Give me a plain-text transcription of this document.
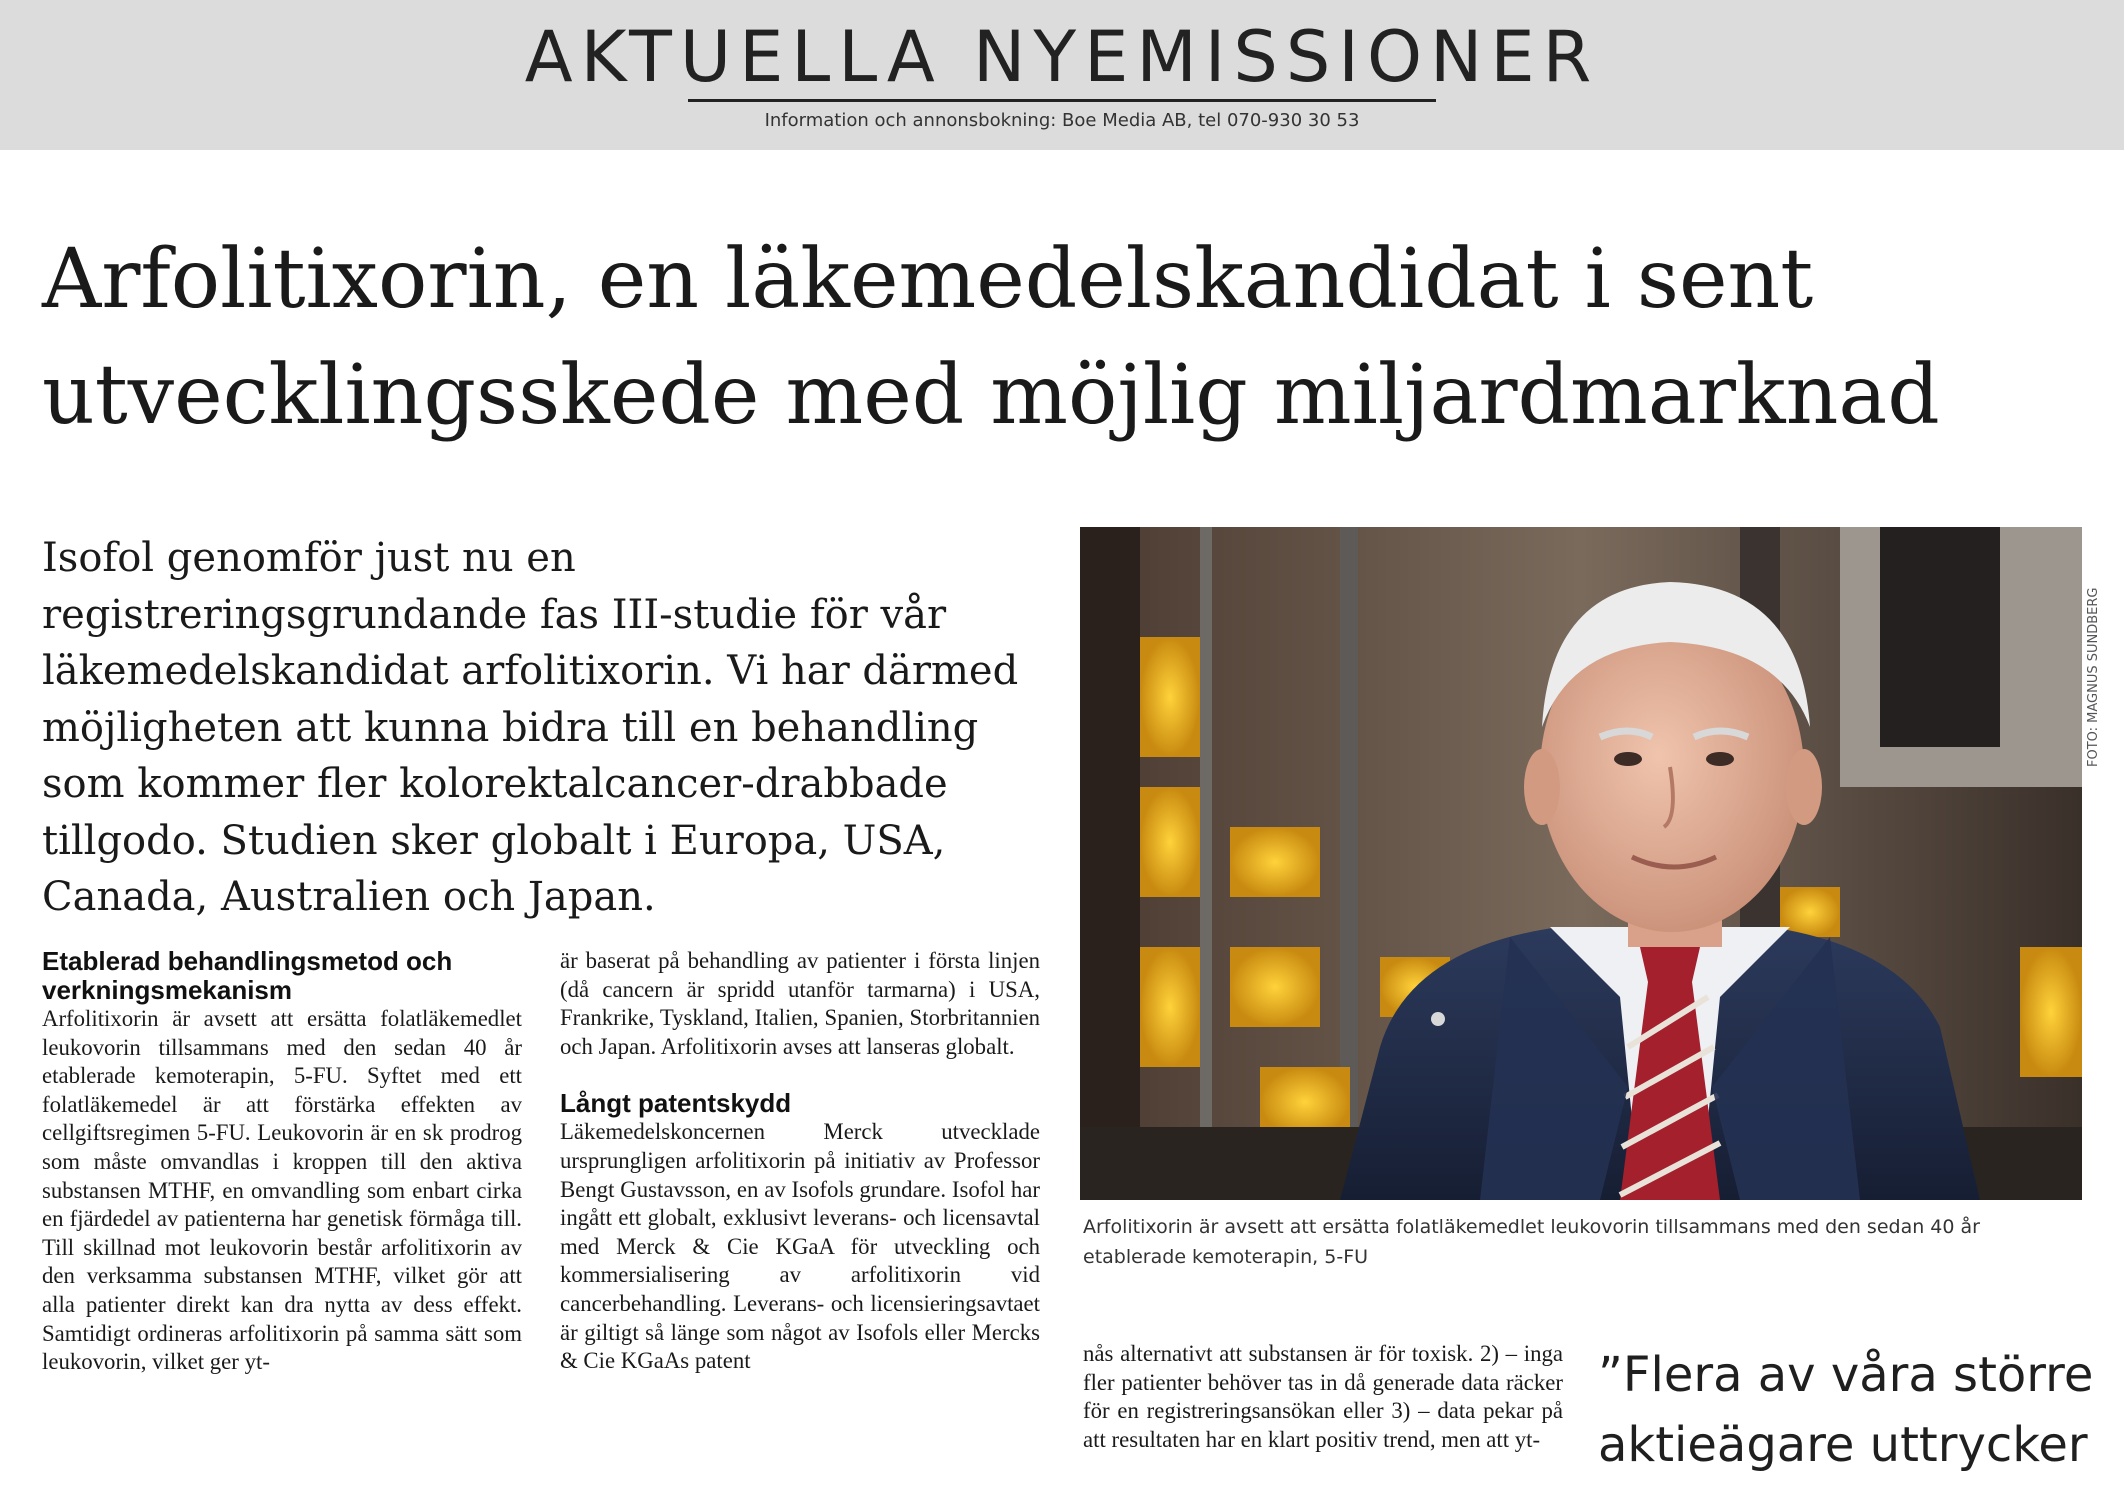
AKTUELLA NYEMISSIONER
Information och annonsbokning: Boe Media AB, tel 070-930 30 53
Arfolitixorin, en läkemedelskandidat i sent utvecklingsskede med möjlig miljardmarknad

Isofol genomför just nu en registreringsgrundande fas III-studie för vår läkemedelskandidat arfolitixorin. Vi har därmed möjligheten att kunna bidra till en behandling som kommer fler kolorektalcancer-drabbade tillgodo. Studien sker globalt i Europa, USA, Canada, Australien och Japan.

Etablerad behandlingsmetod och verkningsmekanism

Arfolitixorin är avsett att ersätta folatläkemedlet leukovorin tillsammans med den sedan 40 år etablerade kemoterapin, 5-FU. Syftet med ett folatläkemedel är att förstärka effekten av cellgiftsregimen 5-FU. Leukovorin är en sk prodrog som måste omvandlas i kroppen till den aktiva substansen MTHF, en omvandling som enbart cirka en fjärdedel av patienterna har genetisk förmåga till. Till skillnad mot leukovorin består arfolitixorin av den verksamma substansen MTHF, vilket gör att alla patienter direkt kan dra nytta av dess effekt. Samtidigt ordineras arfolitixorin på samma sätt som leukovorin, vilket ger yt-

är baserat på behandling av patienter i första linjen (då cancern är spridd utanför tarmarna) i USA, Frankrike, Tyskland, Italien, Spanien, Storbritannien och Japan. Arfolitixorin avses att lanseras globalt.

Långt patentskydd

Läkemedelskoncernen Merck utvecklade ursprungligen arfolitixorin på initiativ av Professor Bengt Gustavsson, en av Isofols grundare. Isofol har ingått ett globalt, exklusivt leverans- och licensavtal med Merck & Cie KGaA för utveckling och kommersialisering av arfolitixorin vid cancerbehandling. Leverans- och licensieringsavtaet är giltigt så länge som något av Isofols eller Mercks & Cie KGaAs patent

FOTO: MAGNUS SUNDBERG

Arfolitixorin är avsett att ersätta folatläkemedlet leukovorin tillsammans med den sedan 40 år etablerade kemoterapin, 5-FU

nås alternativt att substansen är för toxisk. 2) – inga fler patienter behöver tas in då generade data räcker för en registreringsansökan eller 3) – data pekar på att resultaten har en klart positiv trend, men att yt-

”Flera av våra större aktieägare uttrycker
